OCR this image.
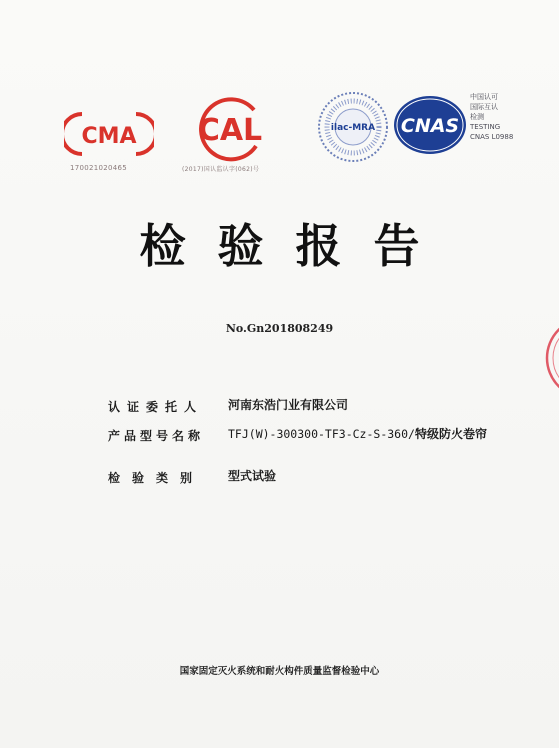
CMA
170021020465
CAL
(2017)国认监认字(062)号
ilac-MRA CNAS
中国认可
国际互认
检测
TESTING
CNAS L0988
检验报告
No.Gn201808249
认证委托人	河南东浩门业有限公司
产品型号名称	TFJ(W)-300300-TF3-Cz-S-360/特级防火卷帘
检验类别	型式试验
国家固定灭火系统和耐火构件质量监督检验中心
